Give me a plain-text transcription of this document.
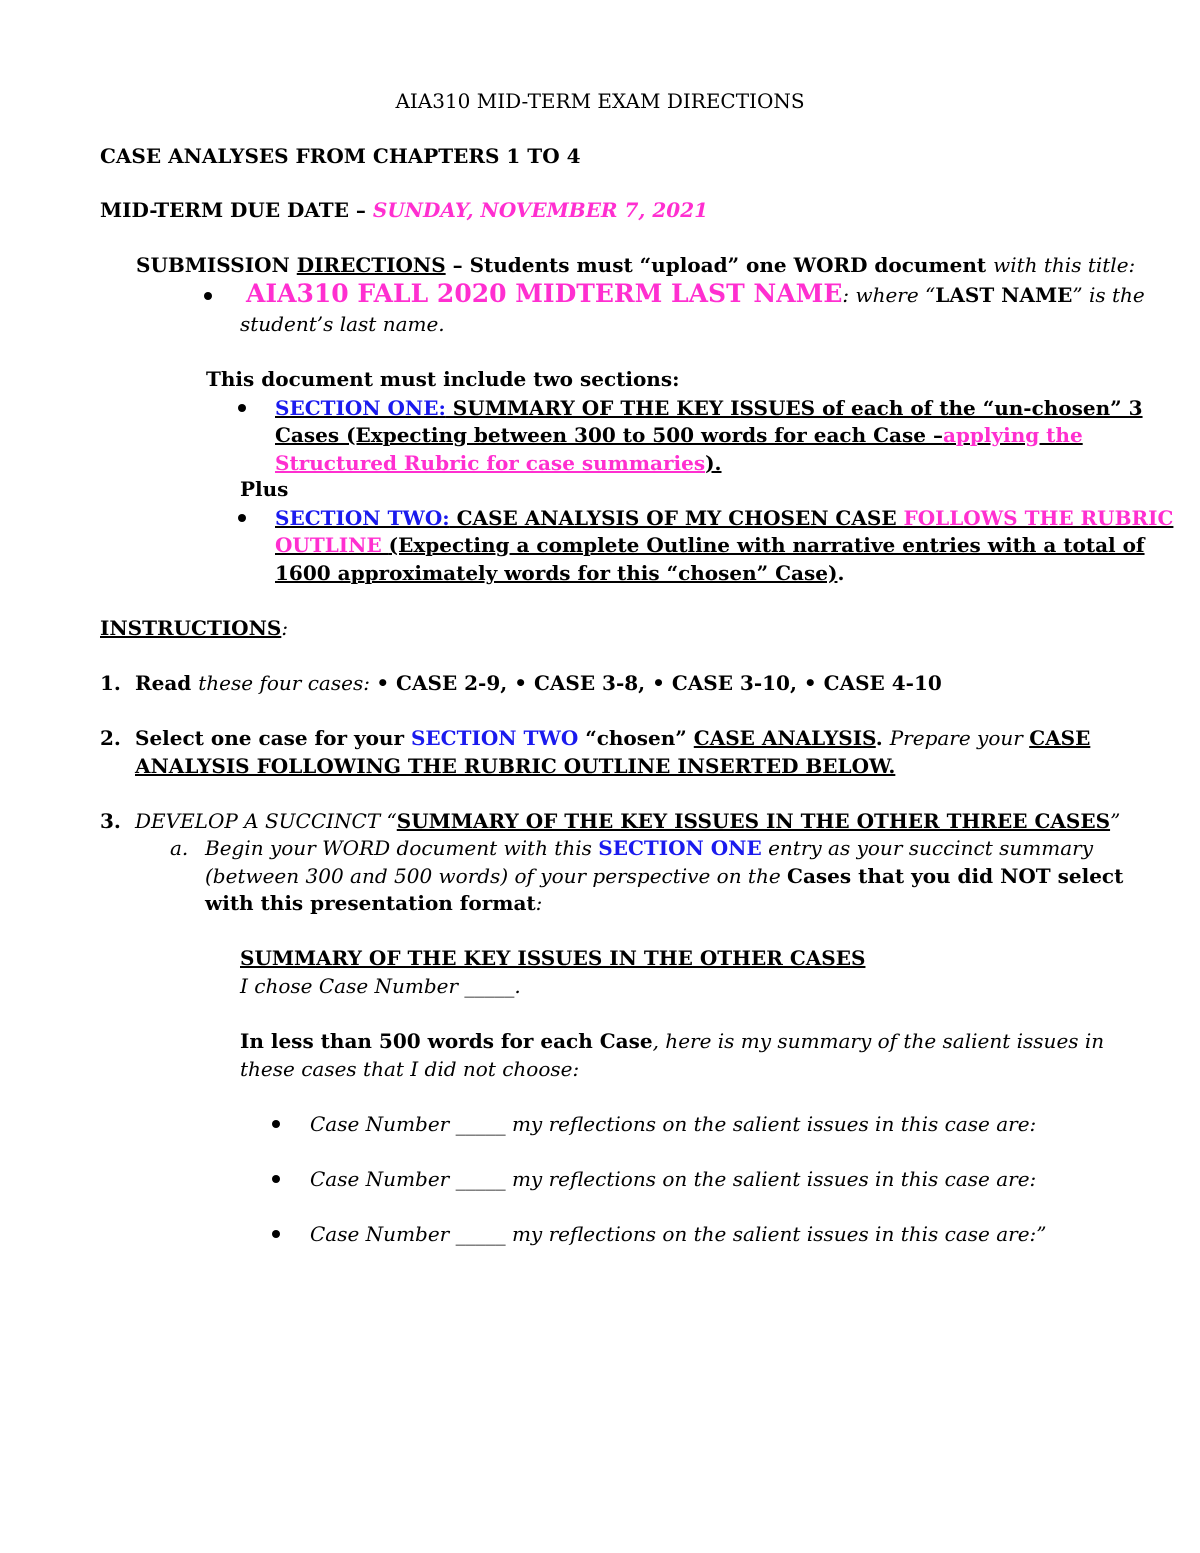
AIA310 MID-TERM EXAM DIRECTIONS
CASE ANALYSES FROM CHAPTERS 1 TO 4
MID-TERM DUE DATE – SUNDAY, NOVEMBER 7, 2021
SUBMISSION DIRECTIONS – Students must “upload” one WORD document with this title:
AIA310 FALL 2020 MIDTERM LAST NAME: where “LAST NAME” is the
student’s last name.
This document must include two sections:
SECTION ONE: SUMMARY OF THE KEY ISSUES of each of the “un-chosen” 3
Cases (Expecting between 300 to 500 words for each Case –applying the
Structured Rubric for case summaries).
Plus
SECTION TWO: CASE ANALYSIS OF MY CHOSEN CASE FOLLOWS THE RUBRIC
OUTLINE (Expecting a complete Outline with narrative entries with a total of
1600 approximately words for this “chosen” Case).
INSTRUCTIONS:
1. Read these four cases: • CASE 2-9, • CASE 3-8, • CASE 3-10, • CASE 4-10
2. Select one case for your SECTION TWO “chosen” CASE ANALYSIS. Prepare your CASE
ANALYSIS FOLLOWING THE RUBRIC OUTLINE INSERTED BELOW.
3. DEVELOP A SUCCINCT “SUMMARY OF THE KEY ISSUES IN THE OTHER THREE CASES”
a. Begin your WORD document with this SECTION ONE entry as your succinct summary
(between 300 and 500 words) of your perspective on the Cases that you did NOT select
with this presentation format:
SUMMARY OF THE KEY ISSUES IN THE OTHER CASES
I chose Case Number _____.
In less than 500 words for each Case, here is my summary of the salient issues in
these cases that I did not choose:
Case Number _____ my reflections on the salient issues in this case are:
Case Number _____ my reflections on the salient issues in this case are:
Case Number _____ my reflections on the salient issues in this case are:”
